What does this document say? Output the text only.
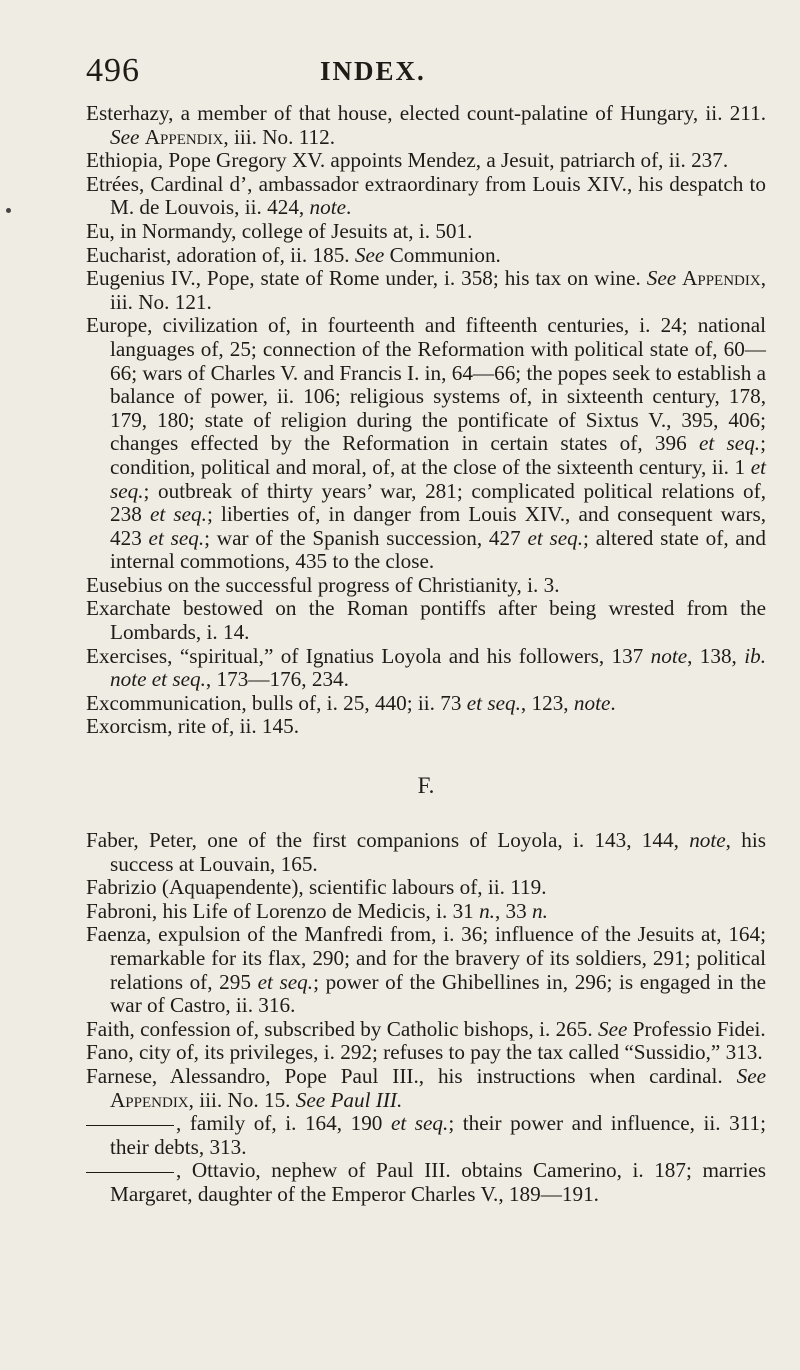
496	INDEX.

Esterhazy, a member of that house, elected count-palatine of Hungary, ii. 211. See Appendix, iii. No. 112.

Ethiopia, Pope Gregory XV. appoints Mendez, a Jesuit, patriarch of, ii. 237.

Etrées, Cardinal d’, ambassador extraordinary from Louis XIV., his despatch to M. de Louvois, ii. 424, note.

Eu, in Normandy, college of Jesuits at, i. 501.

Eucharist, adoration of, ii. 185. See Communion.

Eugenius IV., Pope, state of Rome under, i. 358; his tax on wine. See Appendix, iii. No. 121.

Europe, civilization of, in fourteenth and fifteenth centuries, i. 24; national languages of, 25; connection of the Reformation with political state of, 60—66; wars of Charles V. and Francis I. in, 64—66; the popes seek to establish a balance of power, ii. 106; religious systems of, in sixteenth century, 178, 179, 180; state of religion during the pontificate of Sixtus V., 395, 406; changes effected by the Reformation in certain states of, 396 et seq.; condition, political and moral, of, at the close of the sixteenth century, ii. 1 et seq.; outbreak of thirty years’ war, 281; complicated political relations of, 238 et seq.; liberties of, in danger from Louis XIV., and consequent wars, 423 et seq.; war of the Spanish succession, 427 et seq.; altered state of, and internal commotions, 435 to the close.

Eusebius on the successful progress of Christianity, i. 3.

Exarchate bestowed on the Roman pontiffs after being wrested from the Lombards, i. 14.

Exercises, “spiritual,” of Ignatius Loyola and his followers, 137 note, 138, ib. note et seq., 173—176, 234.

Excommunication, bulls of, i. 25, 440; ii. 73 et seq., 123, note.

Exorcism, rite of, ii. 145.

F.

Faber, Peter, one of the first companions of Loyola, i. 143, 144, note, his success at Louvain, 165.

Fabrizio (Aquapendente), scientific labours of, ii. 119.

Fabroni, his Life of Lorenzo de Medicis, i. 31 n., 33 n.

Faenza, expulsion of the Manfredi from, i. 36; influence of the Jesuits at, 164; remarkable for its flax, 290; and for the bravery of its soldiers, 291; political relations of, 295 et seq.; power of the Ghibellines in, 296; is engaged in the war of Castro, ii. 316.

Faith, confession of, subscribed by Catholic bishops, i. 265. See Professio Fidei.

Fano, city of, its privileges, i. 292; refuses to pay the tax called “Sussidio,” 313.

Farnese, Alessandro, Pope Paul III., his instructions when cardinal. See Appendix, iii. No. 15. See Paul III.

, family of, i. 164, 190 et seq.; their power and influence, ii. 311; their debts, 313.

, Ottavio, nephew of Paul III. obtains Camerino, i. 187; marries Margaret, daughter of the Emperor Charles V., 189—191.
